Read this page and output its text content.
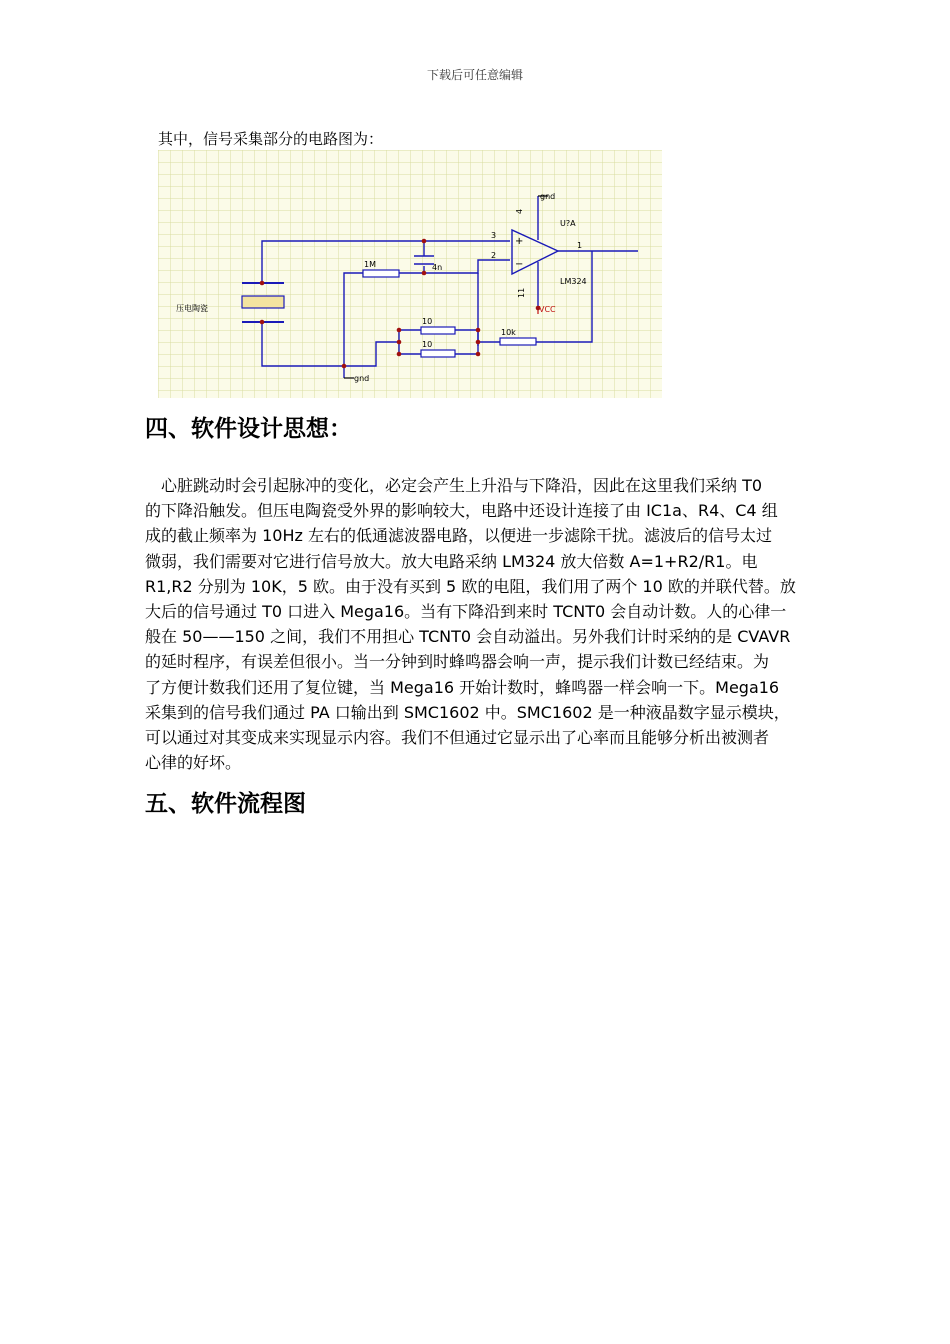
下载后可任意编辑
其中，信号采集部分的电路图为：
压电陶瓷
1M	4n
10
10
10k
gnd
gnd
U?A
LM324
3
2
1
4
11
+
−
VCC
四、软件设计思想：
心脏跳动时会引起脉冲的变化，必定会产生上升沿与下降沿，因此在这里我们采纳 T0
的下降沿触发。但压电陶瓷受外界的影响较大，电路中还设计连接了由 IC1a、R4、C4 组
成的截止频率为 10Hz 左右的低通滤波器电路，以便进一步滤除干扰。滤波后的信号太过
微弱，我们需要对它进行信号放大。放大电路采纳 LM324 放大倍数 A=1+R2/R1。电
R1,R2 分别为 10K，5 欧。由于没有买到 5 欧的电阻，我们用了两个 10 欧的并联代替。放
大后的信号通过 T0 口进入 Mega16。当有下降沿到来时 TCNT0 会自动计数。人的心律一
般在 50——150 之间，我们不用担心 TCNT0 会自动溢出。另外我们计时采纳的是 CVAVR
的延时程序，有误差但很小。当一分钟到时蜂鸣器会响一声，提示我们计数已经结束。为
了方便计数我们还用了复位键，当 Mega16 开始计数时，蜂鸣器一样会响一下。Mega16
采集到的信号我们通过 PA 口输出到 SMC1602 中。SMC1602 是一种液晶数字显示模块，
可以通过对其变成来实现显示内容。我们不但通过它显示出了心率而且能够分析出被测者
心律的好坏。
五、软件流程图
